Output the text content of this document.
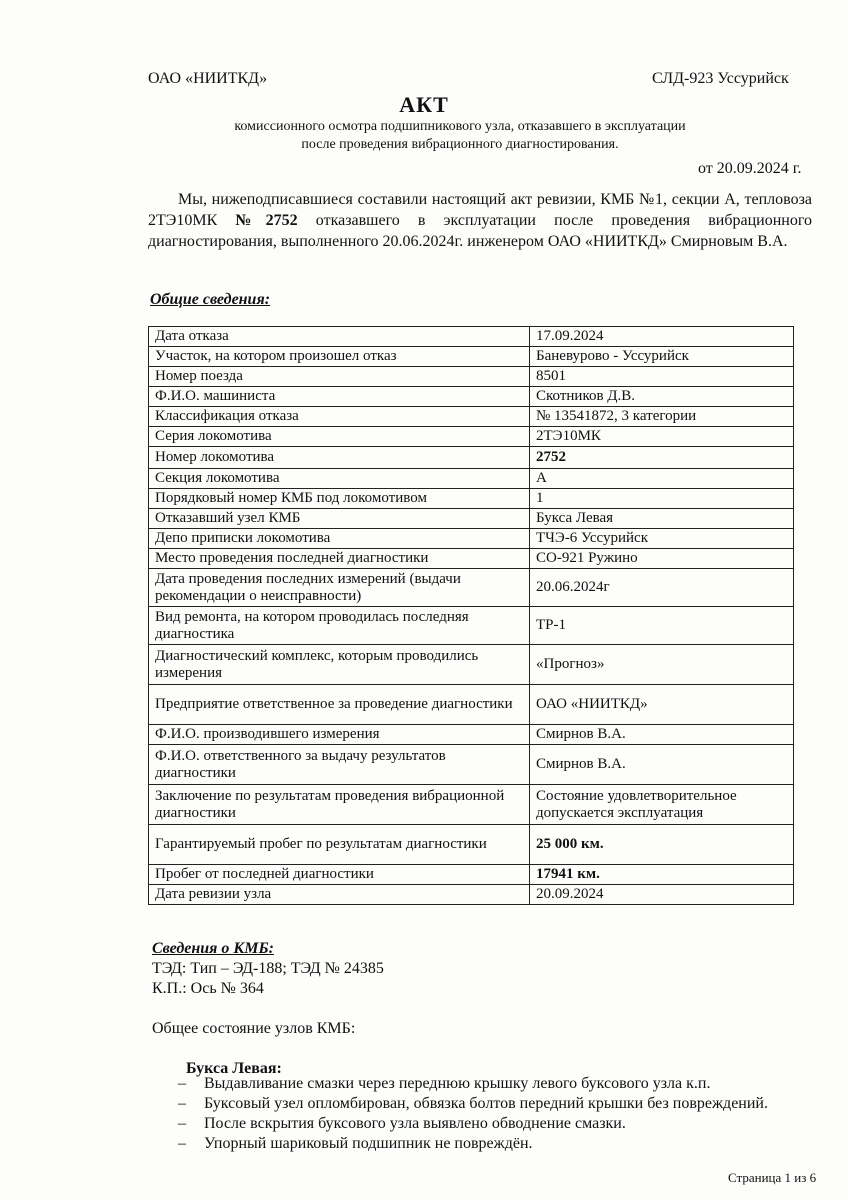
ОАО «НИИТКД»	СЛД-923 Уссурийск
АКТ
комиссионного осмотра подшипникового узла, отказавшего в эксплуатации
после проведения вибрационного диагностирования.
от 20.09.2024 г.
Мы, нижеподписавшиеся составили настоящий акт ревизии, КМБ №1, секции А, тепловоза 2ТЭ10МК №2752 отказавшего в эксплуатации после проведения вибрационного диагностирования, выполненного 20.06.2024г. инженером ОАО «НИИТКД» Смирновым В.А.
Общие сведения:
Дата отказа	17.09.2024
Участок, на котором произошел отказ	Баневурово - Уссурийск
Номер поезда	8501
Ф.И.О. машиниста	Скотников Д.В.
Классификация отказа	№ 13541872, 3 категории
Серия локомотива	2ТЭ10МК
Номер локомотива	2752
Секция локомотива	А
Порядковый номер КМБ под локомотивом	1
Отказавший узел КМБ	Букса Левая
Депо приписки локомотива	ТЧЭ-6 Уссурийск
Место проведения последней диагностики	СО-921 Ружино
Дата проведения последних измерений (выдачи рекомендации о неисправности)	20.06.2024г
Вид ремонта, на котором проводилась последняя диагностика	ТР-1
Диагностический комплекс, которым проводились измерения	«Прогноз»
Предприятие ответственное за проведение диагностики	ОАО «НИИТКД»
Ф.И.О. производившего измерения	Смирнов В.А.
Ф.И.О. ответственного за выдачу результатов диагностики	Смирнов В.А.
Заключение по результатам проведения вибрационной диагностики	Состояние удовлетворительное допускается эксплуатация
Гарантируемый пробег по результатам диагностики	25 000 км.
Пробег от последней диагностики	17941 км.
Дата ревизии узла	20.09.2024
Сведения о КМБ:
ТЭД: Тип – ЭД-188; ТЭД № 24385
К.П.: Ось № 364
Общее состояние узлов КМБ:
Букса Левая:
– Выдавливание смазки через переднюю крышку левого буксового узла к.п.
– Буксовый узел опломбирован, обвязка болтов передний крышки без повреждений.
– После вскрытия буксового узла выявлено обводнение смазки.
– Упорный шариковый подшипник не повреждён.
Страница 1 из 6
